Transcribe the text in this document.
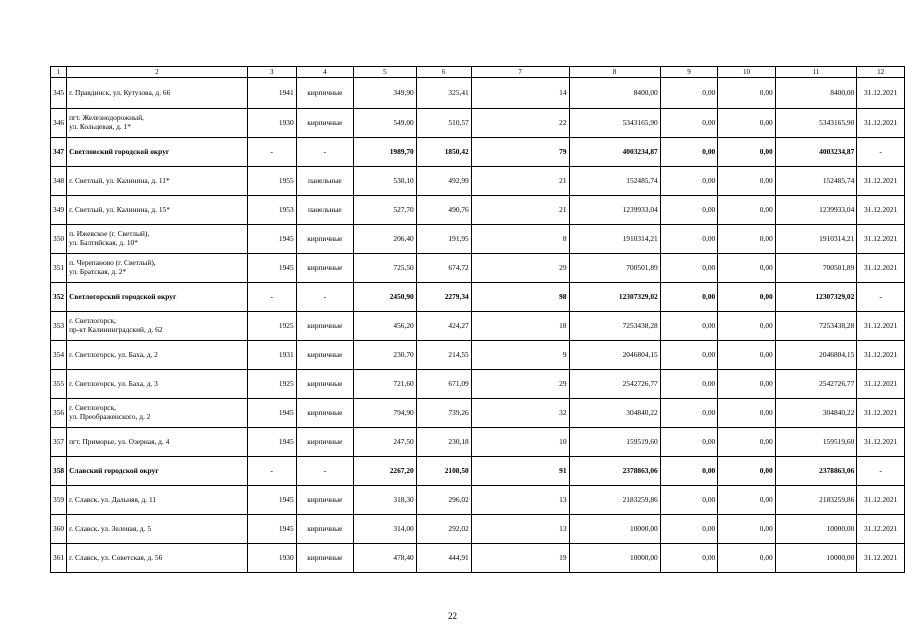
1	2	3	4	5	6	7	8	9	10	11	12
345	г. Правдинск, ул. Кутузова, д. 66	1941	кирпичные	349,90	325,41	14	8400,00	0,00	0,00	8400,00	31.12.2021
346	пгт. Железнодорожный,
ул. Кольцевая, д. 1*	1930	кирпичные	549,00	510,57	22	5343165,90	0,00	0,00	5343165,90	31.12.2021
347	Светловский городской округ	-	-	1989,70	1850,42	79	4003234,87	0,00	0,00	4003234,87	-
348	г. Светлый, ул. Калинина, д. 11*	1955	панельные	530,10	492,99	21	152485,74	0,00	0,00	152485,74	31.12.2021
349	г. Светлый, ул. Калинина, д. 15*	1953	панельные	527,70	490,76	21	1239933,04	0,00	0,00	1239933,04	31.12.2021
350	п. Ижевское (г. Светлый),
ул. Балтийская, д. 10*	1945	кирпичные	206,40	191,95	8	1910314,21	0,00	0,00	1910314,21	31.12.2021
351	п. Черепаново (г. Светлый),
ул. Братская, д. 2*	1945	кирпичные	725,50	674,72	29	700501,89	0,00	0,00	700501,89	31.12.2021
352	Светлогорский городской округ	-	-	2450,90	2279,34	98	12307329,02	0,00	0,00	12307329,02	-
353	г. Светлогорск,
пр-кт Калининградский, д. 62	1925	кирпичные	456,20	424,27	18	7253438,28	0,00	0,00	7253438,28	31.12.2021
354	г. Светлогорск, ул. Баха, д. 2	1931	кирпичные	230,70	214,55	9	2046804,15	0,00	0,00	2046804,15	31.12.2021
355	г. Светлогорск, ул. Баха, д. 3	1925	кирпичные	721,60	671,09	29	2542726,77	0,00	0,00	2542726,77	31.12.2021
356	г. Светлогорск,
ул. Преображенского, д. 2	1945	кирпичные	794,90	739,26	32	304840,22	0,00	0,00	304840,22	31.12.2021
357	пгт. Приморье, ул. Озерная, д. 4	1945	кирпичные	247,50	230,18	10	159519,60	0,00	0,00	159519,60	31.12.2021
358	Славский городской округ	-	-	2267,20	2108,50	91	2378863,06	0,00	0,00	2378863,06	-
359	г. Славск, ул. Дальняя, д. 11	1945	кирпичные	318,30	296,02	13	2183259,86	0,00	0,00	2183259,86	31.12.2021
360	г. Славск, ул. Зеленая, д. 5	1945	кирпичные	314,00	292,02	13	10000,00	0,00	0,00	10000,00	31.12.2021
361	г. Славск, ул. Советская, д. 56	1930	кирпичные	478,40	444,91	19	10000,00	0,00	0,00	10000,00	31.12.2021
22
